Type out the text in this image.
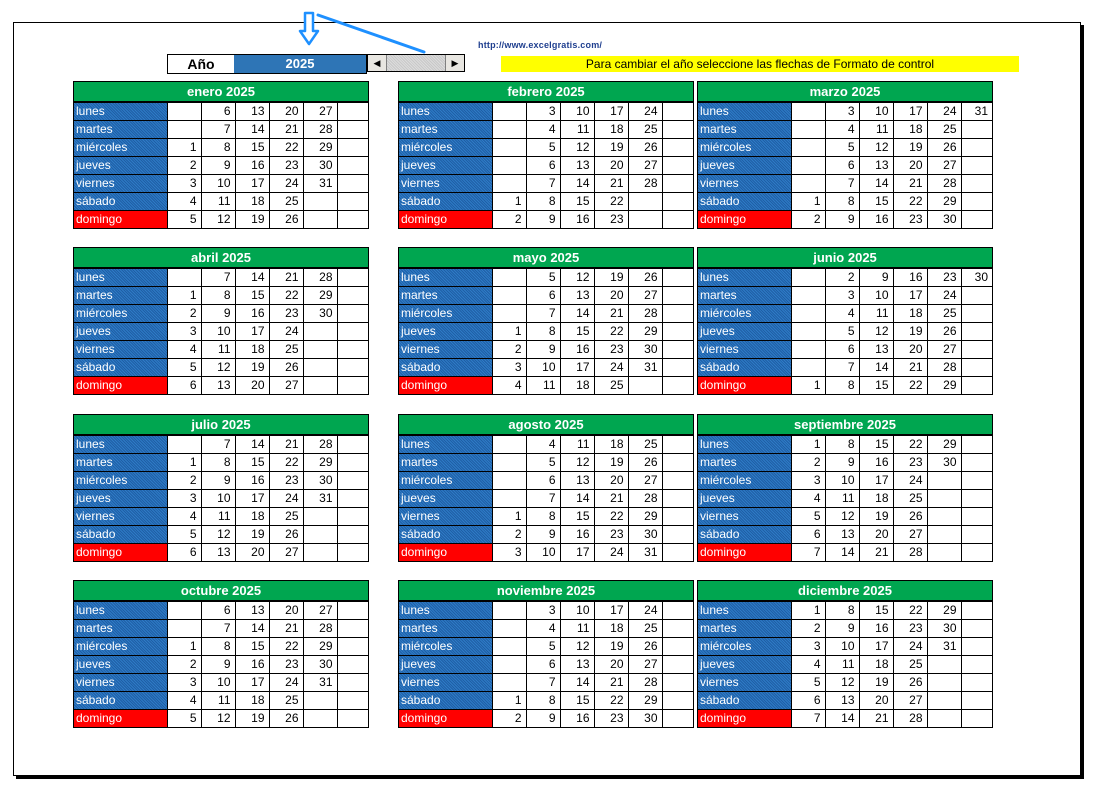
Año	2025	◀	▶
http://www.excelgratis.com/
Para cambiar el año seleccione las flechas de Formato de control
enero 2025
lunes		6	13	20	27	
martes		7	14	21	28	
miércoles	1	8	15	22	29	
jueves	2	9	16	23	30	
viernes	3	10	17	24	31	
sábado	4	11	18	25		
domingo	5	12	19	26		
febrero 2025
lunes		3	10	17	24	
martes		4	11	18	25	
miércoles		5	12	19	26	
jueves		6	13	20	27	
viernes		7	14	21	28	
sábado	1	8	15	22		
domingo	2	9	16	23		
marzo 2025
lunes		3	10	17	24	31
martes		4	11	18	25	
miércoles		5	12	19	26	
jueves		6	13	20	27	
viernes		7	14	21	28	
sábado	1	8	15	22	29	
domingo	2	9	16	23	30	
abril 2025
lunes		7	14	21	28	
martes	1	8	15	22	29	
miércoles	2	9	16	23	30	
jueves	3	10	17	24		
viernes	4	11	18	25		
sábado	5	12	19	26		
domingo	6	13	20	27		
mayo 2025
lunes		5	12	19	26	
martes		6	13	20	27	
miércoles		7	14	21	28	
jueves	1	8	15	22	29	
viernes	2	9	16	23	30	
sábado	3	10	17	24	31	
domingo	4	11	18	25		
junio 2025
lunes		2	9	16	23	30
martes		3	10	17	24	
miércoles		4	11	18	25	
jueves		5	12	19	26	
viernes		6	13	20	27	
sábado		7	14	21	28	
domingo	1	8	15	22	29	
julio 2025
lunes		7	14	21	28	
martes	1	8	15	22	29	
miércoles	2	9	16	23	30	
jueves	3	10	17	24	31	
viernes	4	11	18	25		
sábado	5	12	19	26		
domingo	6	13	20	27		
agosto 2025
lunes		4	11	18	25	
martes		5	12	19	26	
miércoles		6	13	20	27	
jueves		7	14	21	28	
viernes	1	8	15	22	29	
sábado	2	9	16	23	30	
domingo	3	10	17	24	31	
septiembre 2025
lunes	1	8	15	22	29	
martes	2	9	16	23	30	
miércoles	3	10	17	24		
jueves	4	11	18	25		
viernes	5	12	19	26		
sábado	6	13	20	27		
domingo	7	14	21	28		
octubre 2025
lunes		6	13	20	27	
martes		7	14	21	28	
miércoles	1	8	15	22	29	
jueves	2	9	16	23	30	
viernes	3	10	17	24	31	
sábado	4	11	18	25		
domingo	5	12	19	26		
noviembre 2025
lunes		3	10	17	24	
martes		4	11	18	25	
miércoles		5	12	19	26	
jueves		6	13	20	27	
viernes		7	14	21	28	
sábado	1	8	15	22	29	
domingo	2	9	16	23	30	
diciembre 2025
lunes	1	8	15	22	29	
martes	2	9	16	23	30	
miércoles	3	10	17	24	31	
jueves	4	11	18	25		
viernes	5	12	19	26		
sábado	6	13	20	27		
domingo	7	14	21	28		
